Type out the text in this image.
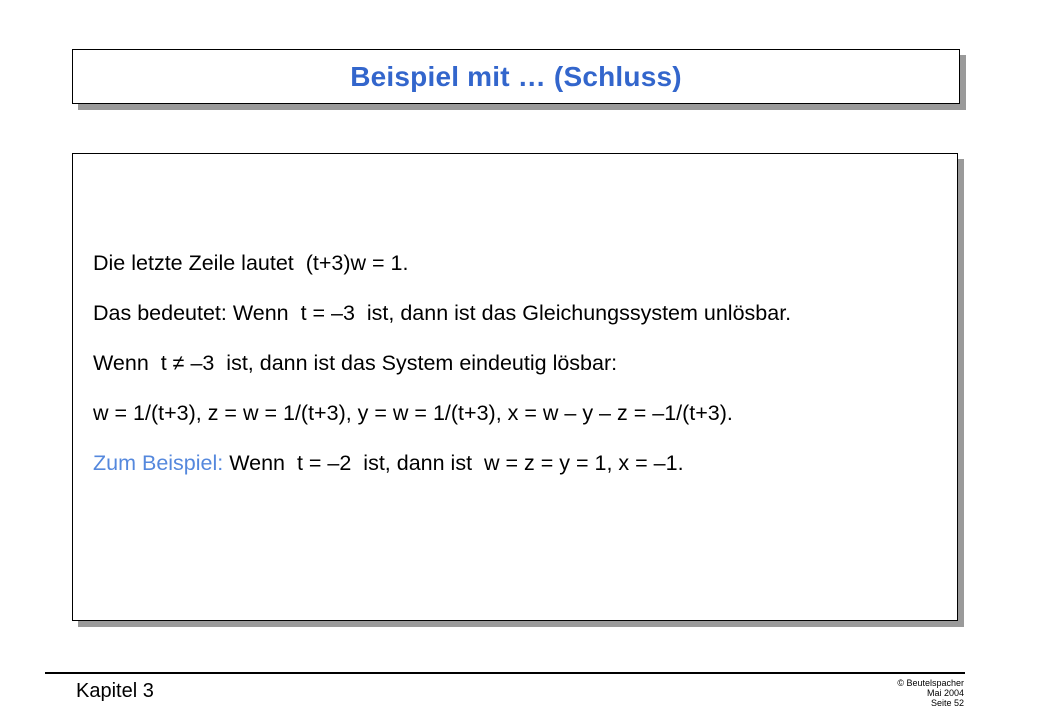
Beispiel mit … (Schluss)

Die letzte Zeile lautet  (t+3)w = 1.

Das bedeutet: Wenn  t = –3  ist, dann ist das Gleichungssystem unlösbar.

Wenn  t ≠ –3  ist, dann ist das System eindeutig lösbar:

w = 1/(t+3), z = w = 1/(t+3), y = w = 1/(t+3), x = w – y – z = –1/(t+3).

Zum Beispiel: Wenn  t = –2  ist, dann ist  w = z = y = 1, x = –1.

Kapitel 3	© Beutelspacher
Mai 2004
Seite 52
